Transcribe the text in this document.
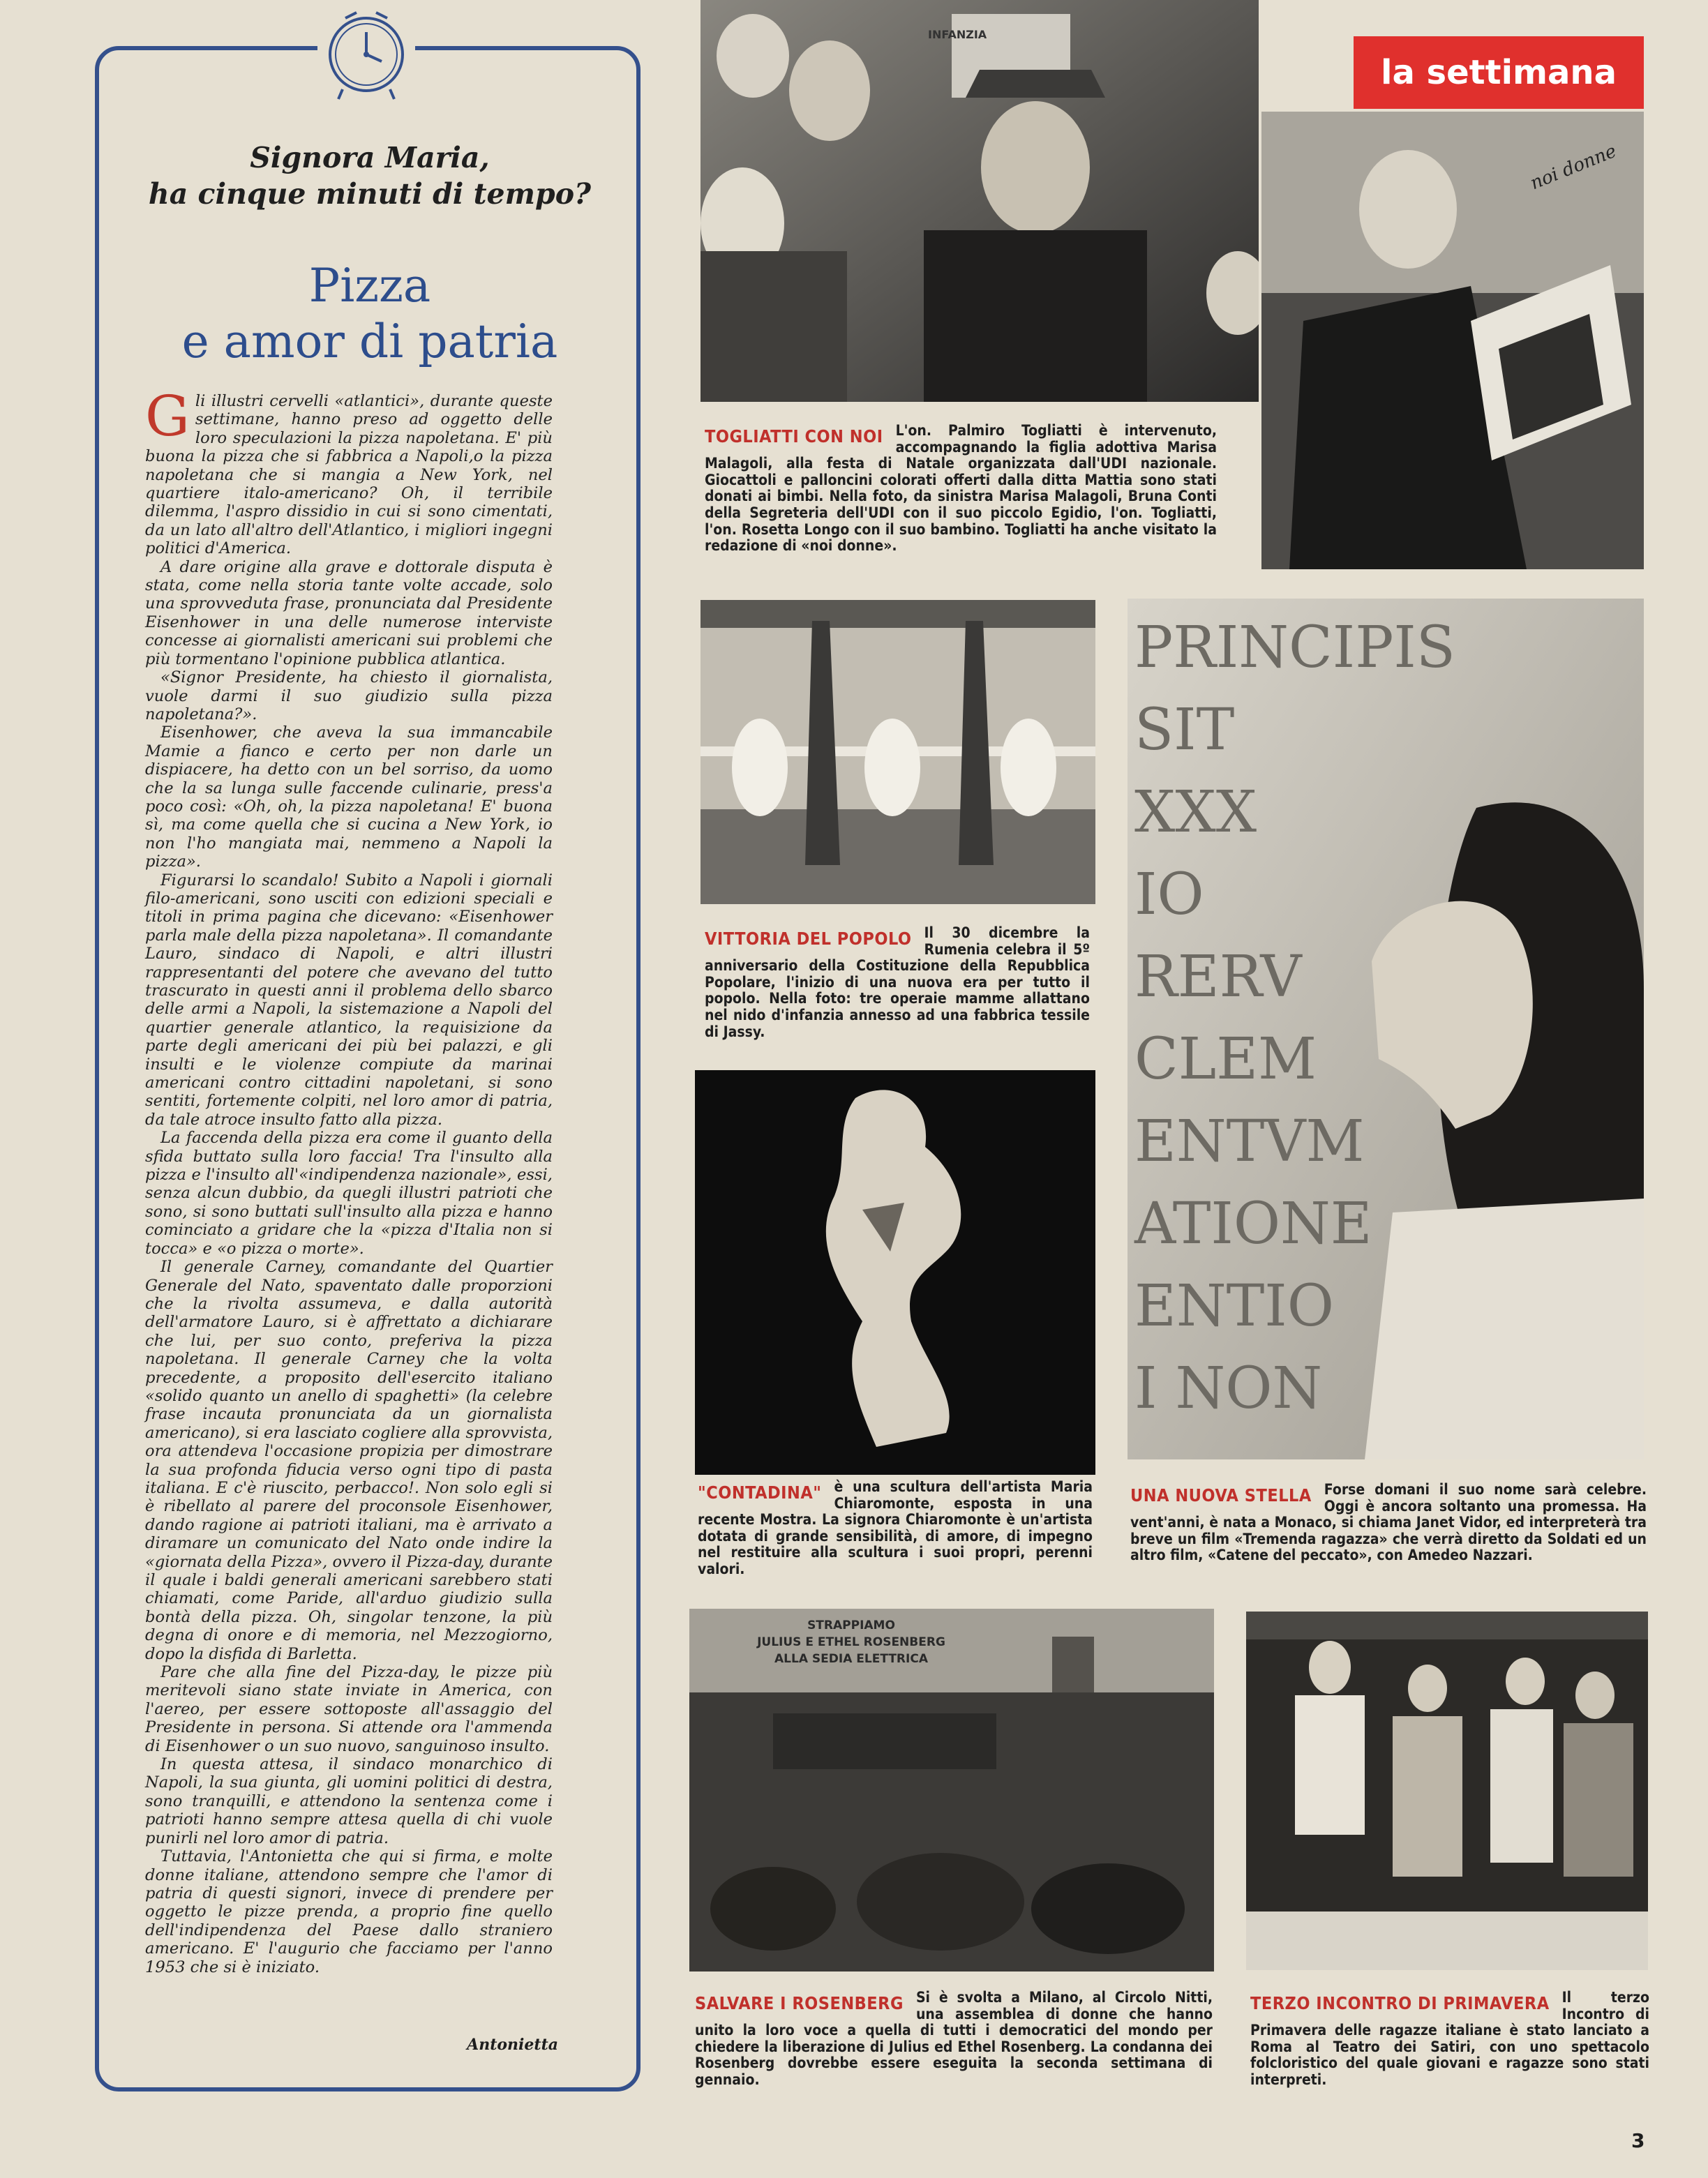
Signora Maria,
ha cinque minuti di tempo?
Pizza
e amor di patria

Gli illustri cervelli «atlantici», durante queste settimane, hanno preso ad oggetto delle loro speculazioni la pizza napoletana. E' più buona la pizza che si fabbrica a Napoli,o la pizza napoletana che si mangia a New York, nel quartiere italo-americano? Oh, il terribile dilemma, l'aspro dissidio in cui si sono cimentati, da un lato all'altro dell'Atlantico, i migliori ingegni politici d'America.

A dare origine alla grave e dottorale disputa è stata, come nella storia tante volte accade, solo una sprovveduta frase, pronunciata dal Presidente Eisenhower in una delle numerose interviste concesse ai giornalisti americani sui problemi che più tormentano l'opinione pubblica atlantica.

«Signor Presidente, ha chiesto il giornalista, vuole darmi il suo giudizio sulla pizza napoletana?».

Eisenhower, che aveva la sua immancabile Mamie a fianco e certo per non darle un dispiacere, ha detto con un bel sorriso, da uomo che la sa lunga sulle faccende culinarie, press'a poco così: «Oh, oh, la pizza napoletana! E' buona sì, ma come quella che si cucina a New York, io non l'ho mangiata mai, nemmeno a Napoli la pizza».

Figurarsi lo scandalo! Subito a Napoli i giornali filo-americani, sono usciti con edizioni speciali e titoli in prima pagina che dicevano: «Eisenhower parla male della pizza napoletana». Il comandante Lauro, sindaco di Napoli, e altri illustri rappresentanti del potere che avevano del tutto trascurato in questi anni il problema dello sbarco delle armi a Napoli, la sistemazione a Napoli del quartier generale atlantico, la requisizione da parte degli americani dei più bei palazzi, e gli insulti e le violenze compiute da marinai americani contro cittadini napoletani, si sono sentiti, fortemente colpiti, nel loro amor di patria, da tale atroce insulto fatto alla pizza.

La faccenda della pizza era come il guanto della sfida buttato sulla loro faccia! Tra l'insulto alla pizza e l'insulto all'«indipendenza nazionale», essi, senza alcun dubbio, da quegli illustri patrioti che sono, si sono buttati sull'insulto alla pizza e hanno cominciato a gridare che la «pizza d'Italia non si tocca» e «o pizza o morte».

Il generale Carney, comandante del Quartier Generale del Nato, spaventato dalle proporzioni che la rivolta assumeva, e dalla autorità dell'armatore Lauro, si è affrettato a dichiarare che lui, per suo conto, preferiva la pizza napoletana. Il generale Carney che la volta precedente, a proposito dell'esercito italiano «solido quanto un anello di spaghetti» (la celebre frase incauta pronunciata da un giornalista americano), si era lasciato cogliere alla sprovvista, ora attendeva l'occasione propizia per dimostrare la sua profonda fiducia verso ogni tipo di pasta italiana. E c'è riuscito, perbacco!. Non solo egli si è ribellato al parere del proconsole Eisenhower, dando ragione ai patrioti italiani, ma è arrivato a diramare un comunicato del Nato onde indire la «giornata della Pizza», ovvero il Pizza-day, durante il quale i baldi generali americani sarebbero stati chiamati, come Paride, all'arduo giudizio sulla bontà della pizza. Oh, singolar tenzone, la più degna di onore e di memoria, nel Mezzogiorno, dopo la disfida di Barletta.

Pare che alla fine del Pizza-day, le pizze più meritevoli siano state inviate in America, con l'aereo, per essere sottoposte all'assaggio del Presidente in persona. Si attende ora l'ammenda di Eisenhower o un suo nuovo, sanguinoso insulto.

In questa attesa, il sindaco monarchico di Napoli, la sua giunta, gli uomini politici di destra, sono tranquilli, e attendono la sentenza come i patrioti hanno sempre attesa quella di chi vuole punirli nel loro amor di patria.

Tuttavia, l'Antonietta che qui si firma, e molte donne italiane, attendono sempre che l'amor di patria di questi signori, invece di prendere per oggetto le pizze prenda, a proprio fine quello dell'indipendenza del Paese dallo straniero americano. E' l'augurio che facciamo per l'anno 1953 che si è iniziato.

Antonietta
la settimana
INFANZIA
noi donne
TOGLIATTI CON NOI L'on. Palmiro Togliatti è intervenuto, accompagnando la figlia adottiva Marisa Malagoli, alla festa di Natale organizzata dall'UDI nazionale. Giocattoli e palloncini colorati offerti dalla ditta Mattia sono stati donati ai bimbi. Nella foto, da sinistra Marisa Malagoli, Bruna Conti della Segreteria dell'UDI con il suo piccolo Egidio, l'on. Togliatti, l'on. Rosetta Longo con il suo bambino. Togliatti ha anche visitato la redazione di «noi donne».
VITTORIA DEL POPOLO Il 30 dicembre la Rumenia celebra il 5º anniversario della Costituzione della Repubblica Popolare, l'inizio di una nuova era per tutto il popolo. Nella foto: tre operaie mamme allattano nel nido d'infanzia annesso ad una fabbrica tessile di Jassy.
PRINCIPIS
SIT XXX
IO RERV
CLEM
ENTVM
ATIONE
ENTIO
I NON
"CONTADINA" è una scultura dell'artista Maria Chiaromonte, esposta in una recente Mostra. La signora Chiaromonte è un'artista dotata di grande sensibilità, di amore, di impegno nel restituire alla scultura i suoi propri, perenni valori.
UNA NUOVA STELLA Forse domani il suo nome sarà celebre. Oggi è ancora soltanto una promessa. Ha vent'anni, è nata a Monaco, si chiama Janet Vidor, ed interpreterà tra breve un film «Tremenda ragazza» che verrà diretto da Soldati ed un altro film, «Catene del peccato», con Amedeo Nazzari.
STRAPPIAMO
JULIUS E ETHEL ROSENBERG
ALLA SEDIA ELETTRICA
SALVARE I ROSENBERG Si è svolta a Milano, al Circolo Nitti, una assemblea di donne che hanno unito la loro voce a quella di tutti i democratici del mondo per chiedere la liberazione di Julius ed Ethel Rosenberg. La condanna dei Rosenberg dovrebbe essere eseguita la seconda settimana di gennaio.
TERZO INCONTRO DI PRIMAVERA Il terzo Incontro di Primavera delle ragazze italiane è stato lanciato a Roma al Teatro dei Satiri, con uno spettacolo folcloristico del quale giovani e ragazze sono stati interpreti.
3
